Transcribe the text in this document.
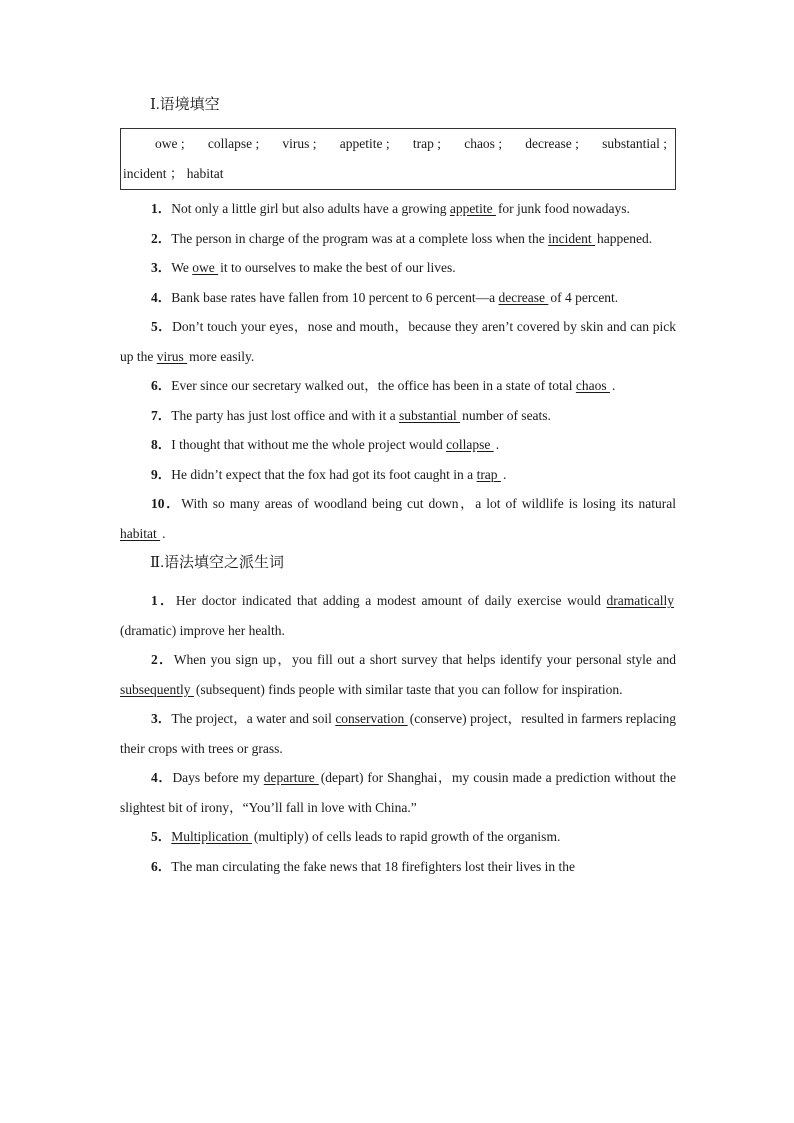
Ⅰ.语境填空
owe ; collapse ; virus ; appetite ; trap ; chaos ; decrease ; substantial ;
incident ； habitat

1．Not only a little girl but also adults have a growing appetite for junk food nowadays.

2．The person in charge of the program was at a complete loss when the incident happened.

3．We owe it to ourselves to make the best of our lives.

4．Bank base rates have fallen from 10 percent to 6 percent—a decrease of 4 percent.

5．Don’t touch your eyes，nose and mouth，because they aren’t covered by skin and can pick up the virus more easily.

6．Ever since our secretary walked out，the office has been in a state of total chaos .

7．The party has just lost office and with it a substantial number of seats.

8．I thought that without me the whole project would collapse .

9．He didn’t expect that the fox had got its foot caught in a trap .

10．With so many areas of woodland being cut down，a lot of wildlife is losing its natural habitat .

Ⅱ.语法填空之派生词

1．Her doctor indicated that adding a modest amount of daily exercise would dramatically (dramatic) improve her health.

2．When you sign up，you fill out a short survey that helps identify your personal style and subsequently (subsequent) finds people with similar taste that you can follow for inspiration.

3．The project，a water and soil conservation (conserve) project，resulted in farmers replacing their crops with trees or grass.

4．Days before my departure (depart) for Shanghai，my cousin made a prediction without the slightest bit of irony，“You’ll fall in love with China.”

5．Multiplication (multiply) of cells leads to rapid growth of the organism.

6．The man circulating the fake news that 18 firefighters lost their lives in the
